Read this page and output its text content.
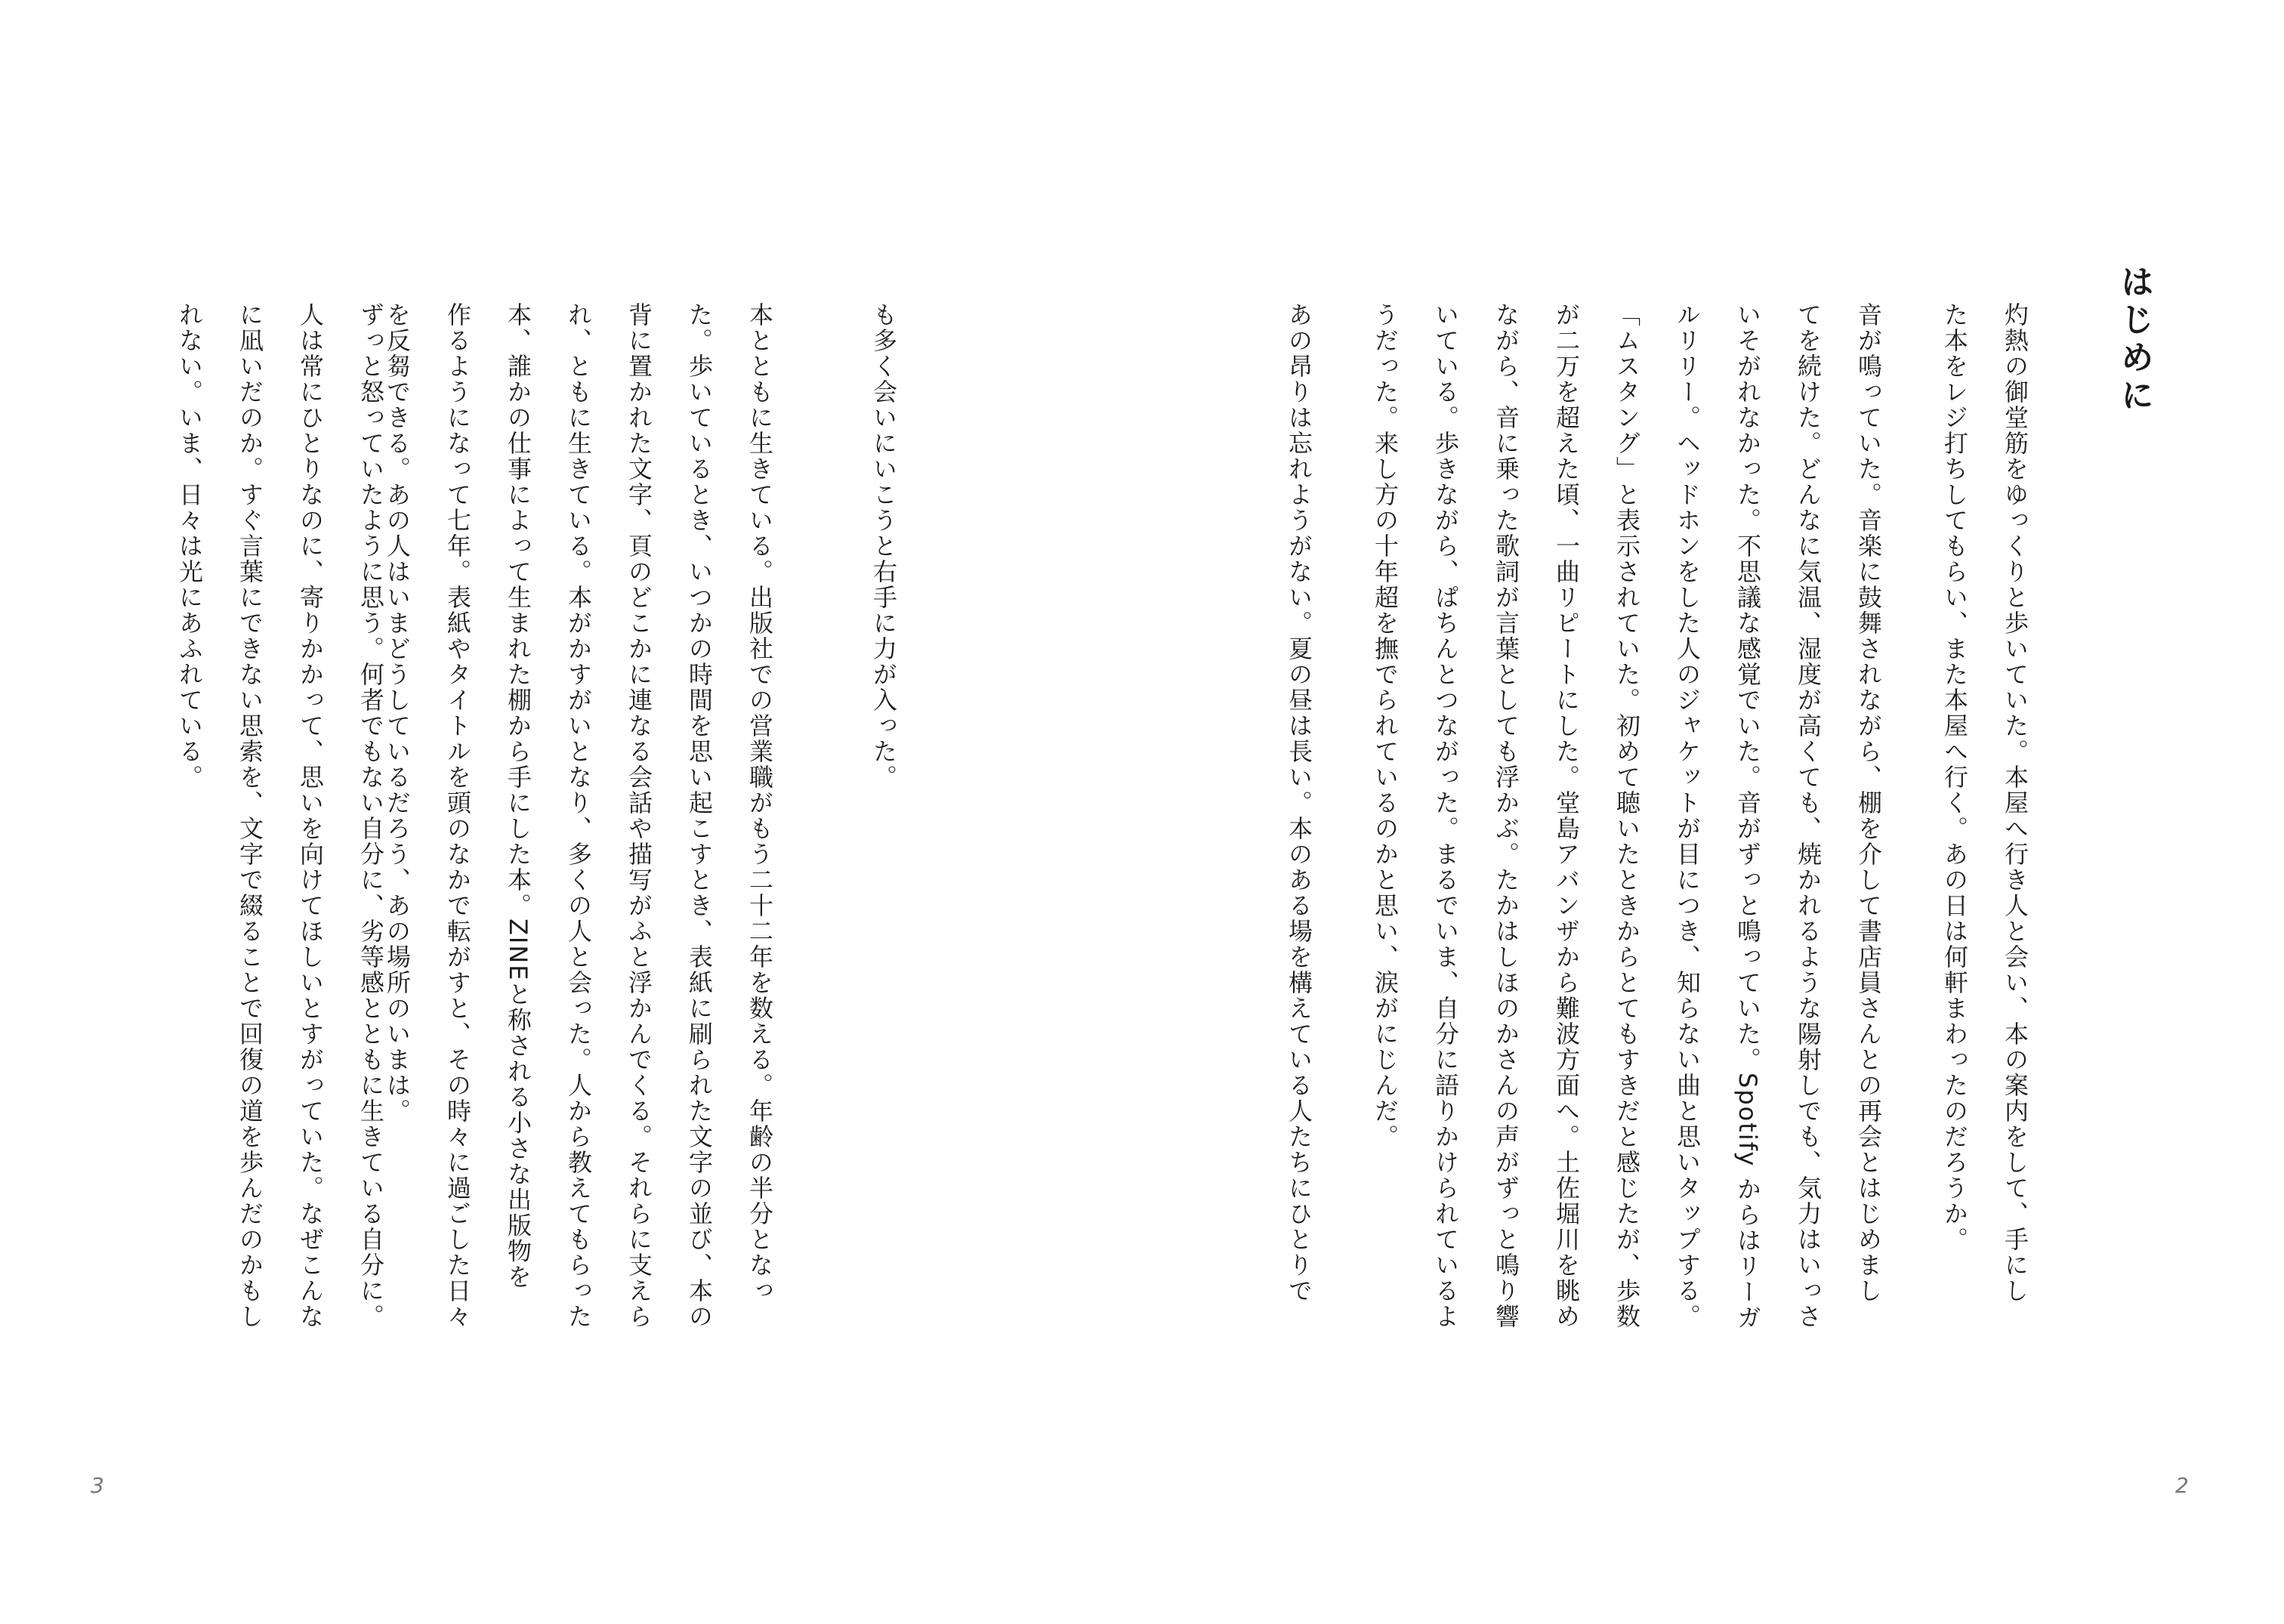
も多く会いにいこうと右手に力が入った。
本とともに生きている。出版社での営業職がもう二十二年を数える。年齢の半分となっ
た。歩いているとき、いつかの時間を思い起こすとき、表紙に刷られた文字の並び、本の
背に置かれた文字、頁のどこかに連なる会話や描写がふと浮かんでくる。それらに支えら
れ、ともに生きている。本がかすがいとなり、多くの人と会った。人から教えてもらった
本、誰かの仕事によって生まれた棚から手にした本。ZINEと称される小さな出版物を
作るようになって七年。表紙やタイトルを頭のなかで転がすと、その時々に過ごした日々
を反芻できる。あの人はいまどうしているだろう、あの場所のいまは。
ずっと怒っていたように思う。何者でもない自分に、劣等感とともに生きている自分に。
人は常にひとりなのに、寄りかかって、思いを向けてほしいとすがっていた。なぜこんな
に凪いだのか。すぐ言葉にできない思索を、文字で綴ることで回復の道を歩んだのかもし
れない。いま、日々は光にあふれている。
3
はじめに
灼熱の御堂筋をゆっくりと歩いていた。本屋へ行き人と会い、本の案内をして、手にし
た本をレジ打ちしてもらい、また本屋へ行く。あの日は何軒まわったのだろうか。
音が鳴っていた。音楽に鼓舞されながら、棚を介して書店員さんとの再会とはじめまし
てを続けた。どんなに気温、湿度が高くても、焼かれるような陽射しでも、気力はいっさ
いそがれなかった。不思議な感覚でいた。音がずっと鳴っていた。Spotify からはリーガ
ルリリー。ヘッドホンをした人のジャケットが目につき、知らない曲と思いタップする。
「ムスタング」と表示されていた。初めて聴いたときからとてもすきだと感じたが、歩数
が二万を超えた頃、一曲リピートにした。堂島アバンザから難波方面へ。土佐堀川を眺め
ながら、音に乗った歌詞が言葉としても浮かぶ。たかはしほのかさんの声がずっと鳴り響
いている。歩きながら、ぱちんとつながった。まるでいま、自分に語りかけられているよ
うだった。来し方の十年超を撫でられているのかと思い、涙がにじんだ。
あの昂りは忘れようがない。夏の昼は長い。本のある場を構えている人たちにひとりで
2
